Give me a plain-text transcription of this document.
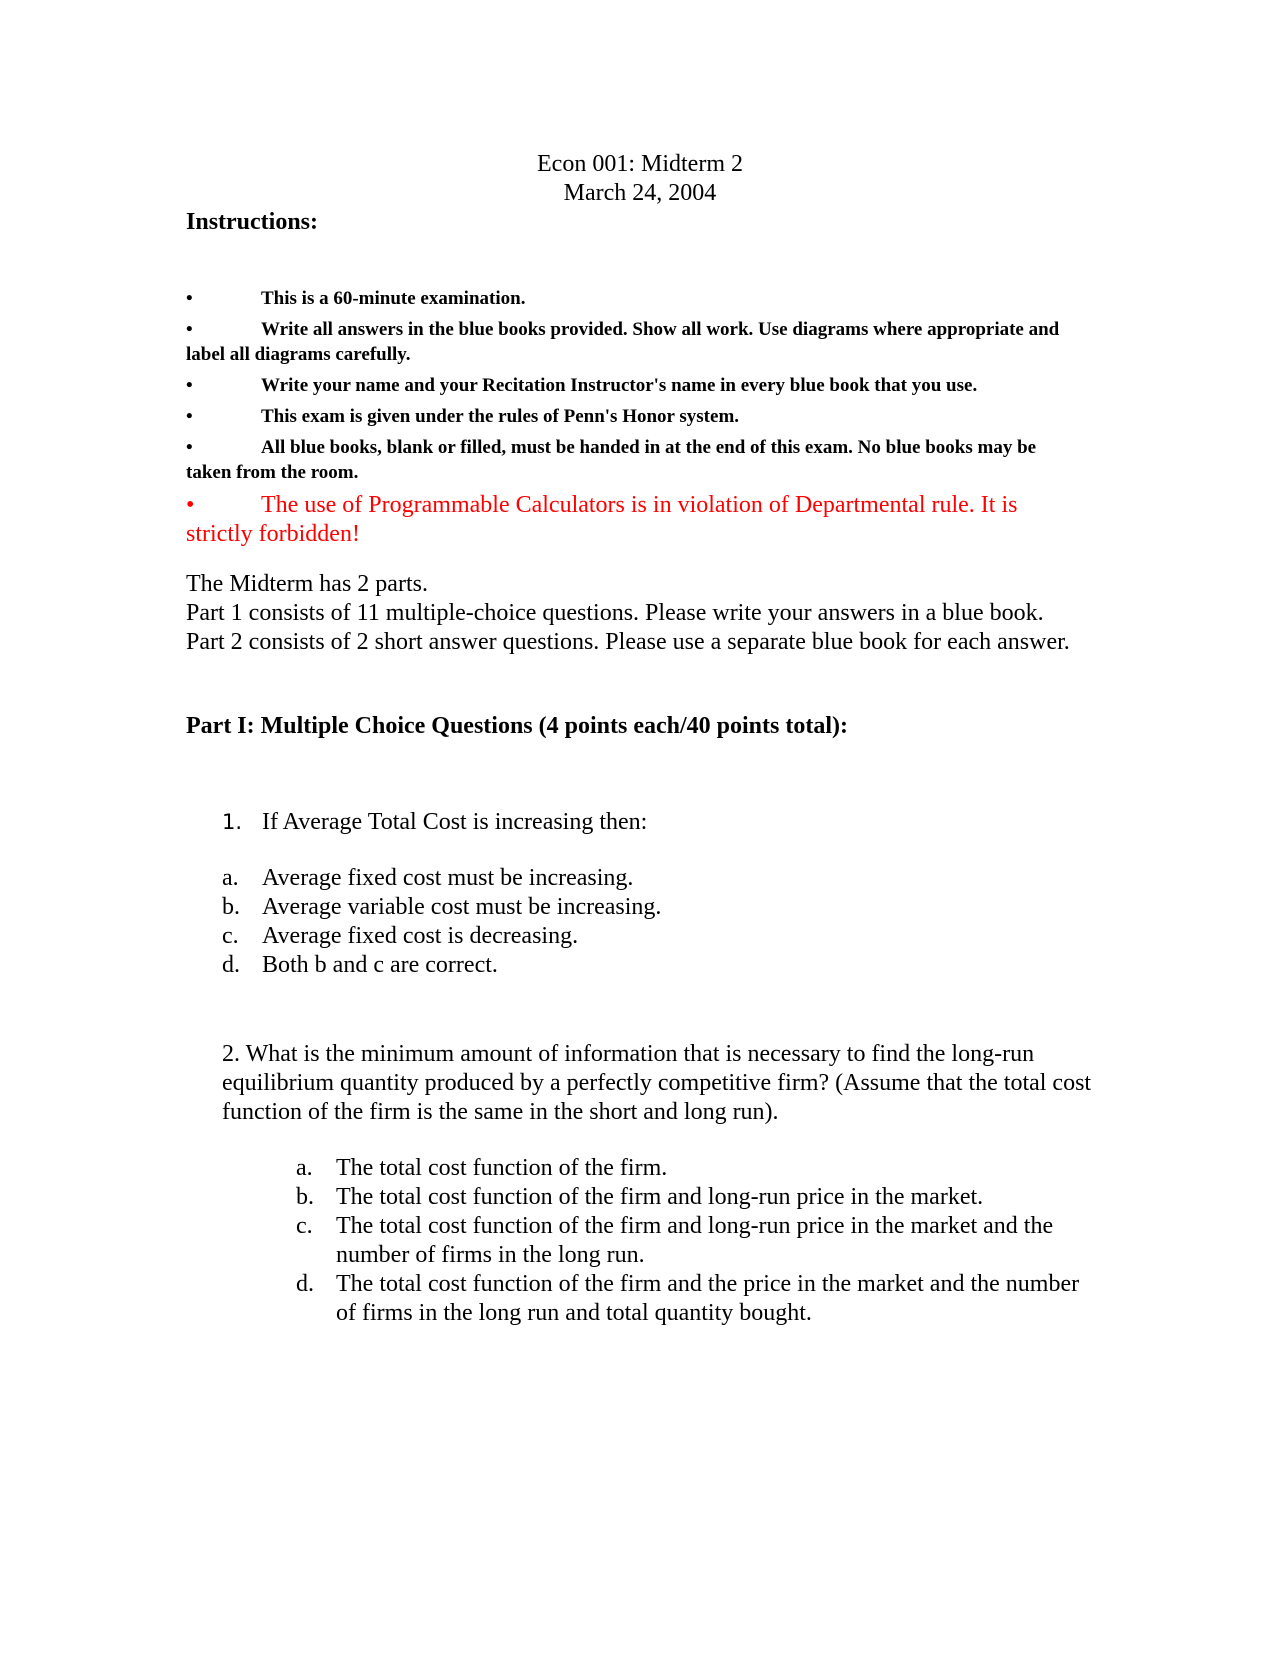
Econ 001: Midterm 2
March 24, 2004
Instructions:
•	This is a 60-minute examination.
•	Write all answers in the blue books provided. Show all work. Use diagrams where appropriate and label all diagrams carefully.
•	Write your name and your Recitation Instructor's name in every blue book that you use.
•	This exam is given under the rules of Penn's Honor system.
•	All blue books, blank or filled, must be handed in at the end of this exam. No blue books may be taken from the room.
•	The use of Programmable Calculators is in violation of Departmental rule. It is strictly forbidden!

The Midterm has 2 parts.

Part 1 consists of 11 multiple-choice questions. Please write your answers in a blue book.

Part 2 consists of 2 short answer questions. Please use a separate blue book for each answer.

Part I: Multiple Choice Questions (4 points each/40 points total):
1. If Average Total Cost is increasing then:
a. Average fixed cost must be increasing.
b. Average variable cost must be increasing.
c. Average fixed cost is decreasing.
d. Both b and c are correct.
2. What is the minimum amount of information that is necessary to find the long-run equilibrium quantity produced by a perfectly competitive firm? (Assume that the total cost function of the firm is the same in the short and long run).
a. The total cost function of the firm.
b. The total cost function of the firm and long-run price in the market.
c. The total cost function of the firm and long-run price in the market and the number of firms in the long run.
d. The total cost function of the firm and the price in the market and the number of firms in the long run and total quantity bought.
